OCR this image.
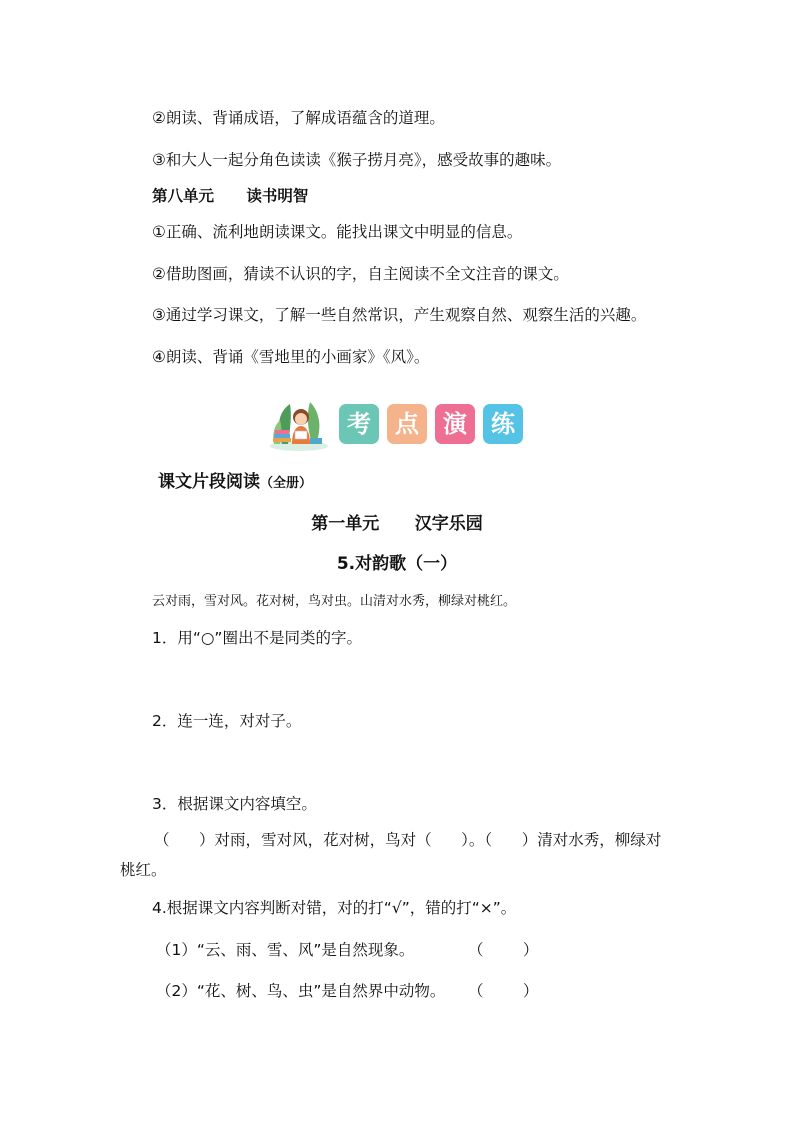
②朗读、背诵成语，了解成语蕴含的道理。
③和大人一起分角色读读《猴子捞月亮》，感受故事的趣味。
第八单元      读书明智
①正确、流利地朗读课文。能找出课文中明显的信息。
②借助图画，猜读不认识的字，自主阅读不全文注音的课文。
③通过学习课文，了解一些自然常识，产生观察自然、观察生活的兴趣。
④朗读、背诵《雪地里的小画家》《风》。
考	点	演	练
课文片段阅读（全册）
第一单元      汉字乐园
5.对韵歌（一）
云对雨，雪对风。花对树，鸟对虫。山清对水秀，柳绿对桃红。
1．用“○”圈出不是同类的字。
2．连一连，对对子。
3．根据课文内容填空。
（      ）对雨，雪对风，花对树，鸟对（      ）。（      ）清对水秀，柳绿对
桃红。
4.根据课文内容判断对错，对的打“√”，错的打“×”。
（1）“云、雨、雪、风”是自然现象。	（        ）
（2）“花、树、鸟、虫”是自然界中动物。 （        ）
